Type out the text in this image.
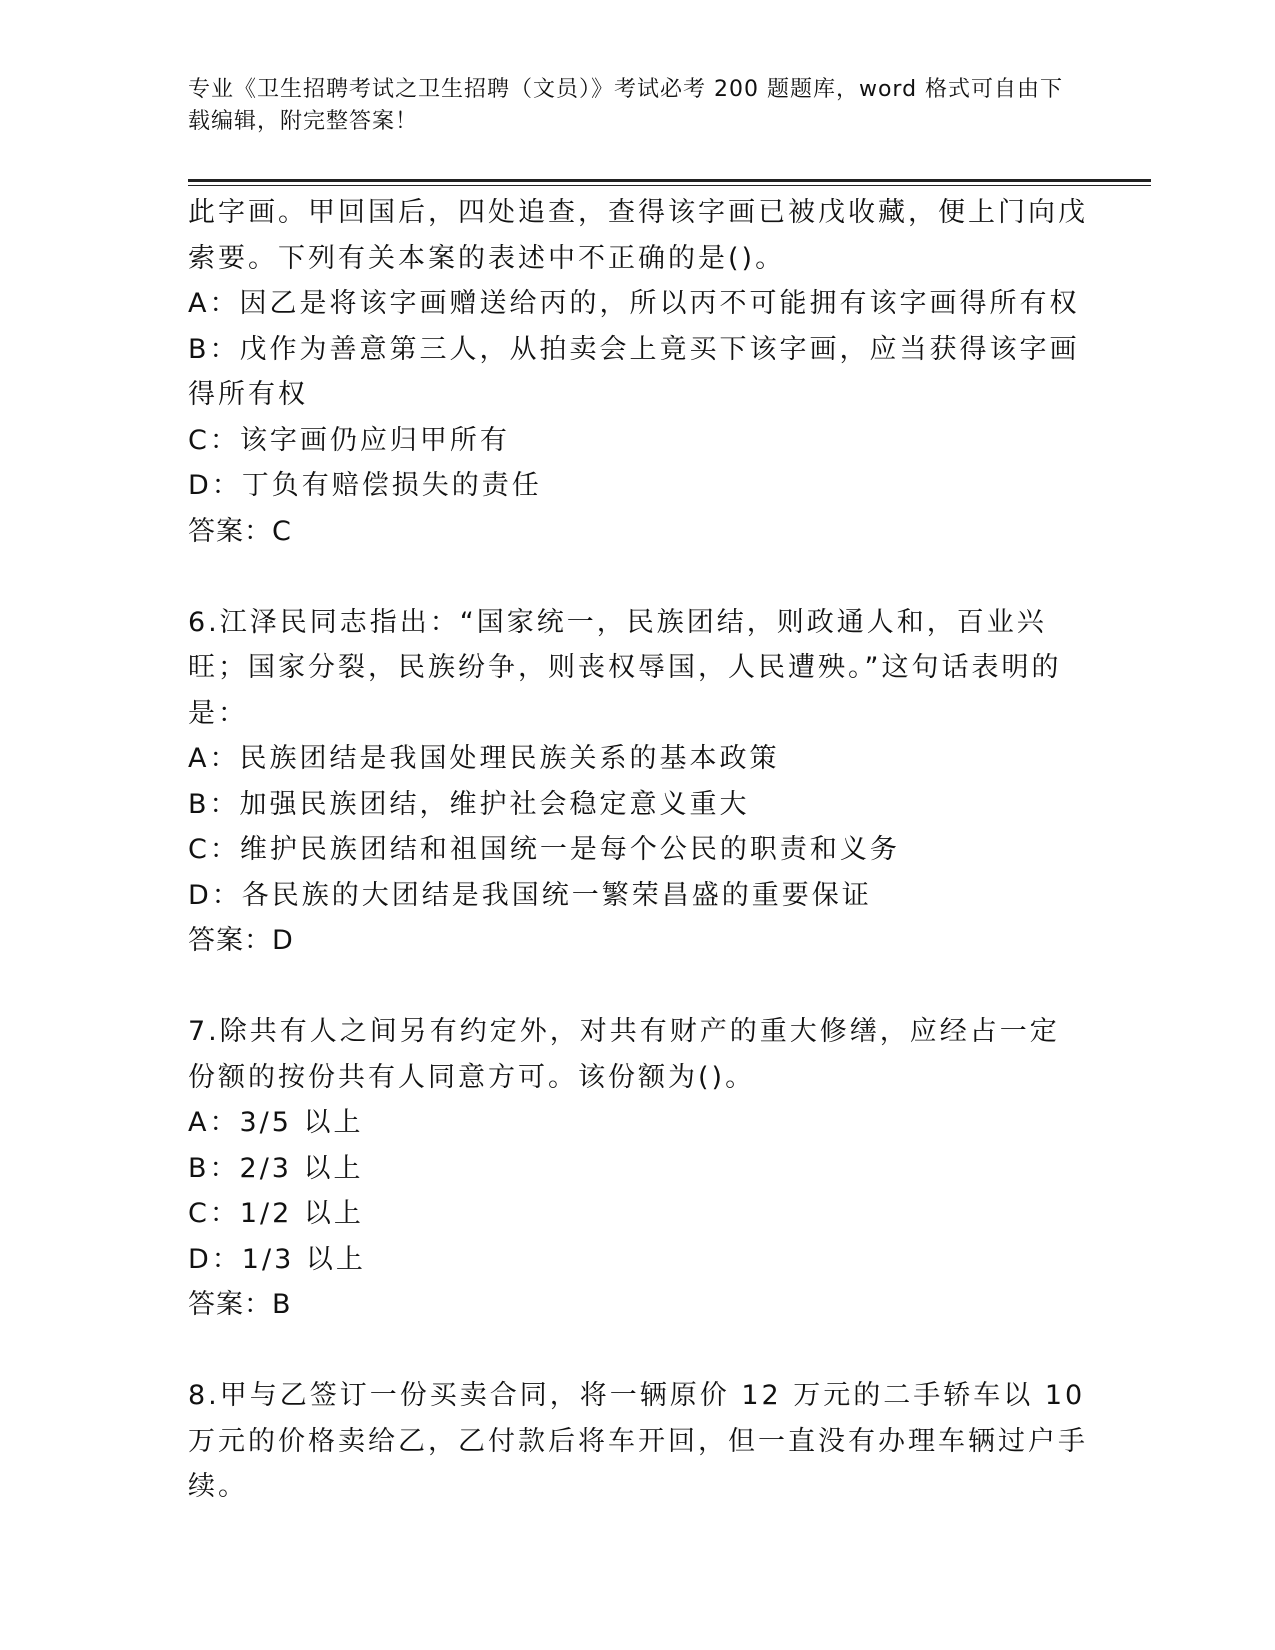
专业《卫生招聘考试之卫生招聘（文员）》考试必考 200 题题库，word 格式可自由下载编辑，附完整答案！

此字画。甲回国后，四处追查，查得该字画已被戊收藏，便上门向戊索要。下列有关本案的表述中不正确的是()。

A：因乙是将该字画赠送给丙的，所以丙不可能拥有该字画得所有权

B：戊作为善意第三人，从拍卖会上竟买下该字画，应当获得该字画得所有权

C：该字画仍应归甲所有

D：丁负有赔偿损失的责任

答案：C

6.江泽民同志指出：“国家统一，民族团结，则政通人和，百业兴旺；国家分裂，民族纷争，则丧权辱国，人民遭殃。”这句话表明的是：

A：民族团结是我国处理民族关系的基本政策

B：加强民族团结，维护社会稳定意义重大

C：维护民族团结和祖国统一是每个公民的职责和义务

D：各民族的大团结是我国统一繁荣昌盛的重要保证

答案：D

7.除共有人之间另有约定外，对共有财产的重大修缮，应经占一定份额的按份共有人同意方可。该份额为()。

A：3/5 以上

B：2/3 以上

C：1/2 以上

D：1/3 以上

答案：B

8.甲与乙签订一份买卖合同，将一辆原价 12 万元的二手轿车以 10 万元的价格卖给乙，乙付款后将车开回，但一直没有办理车辆过户手续。
